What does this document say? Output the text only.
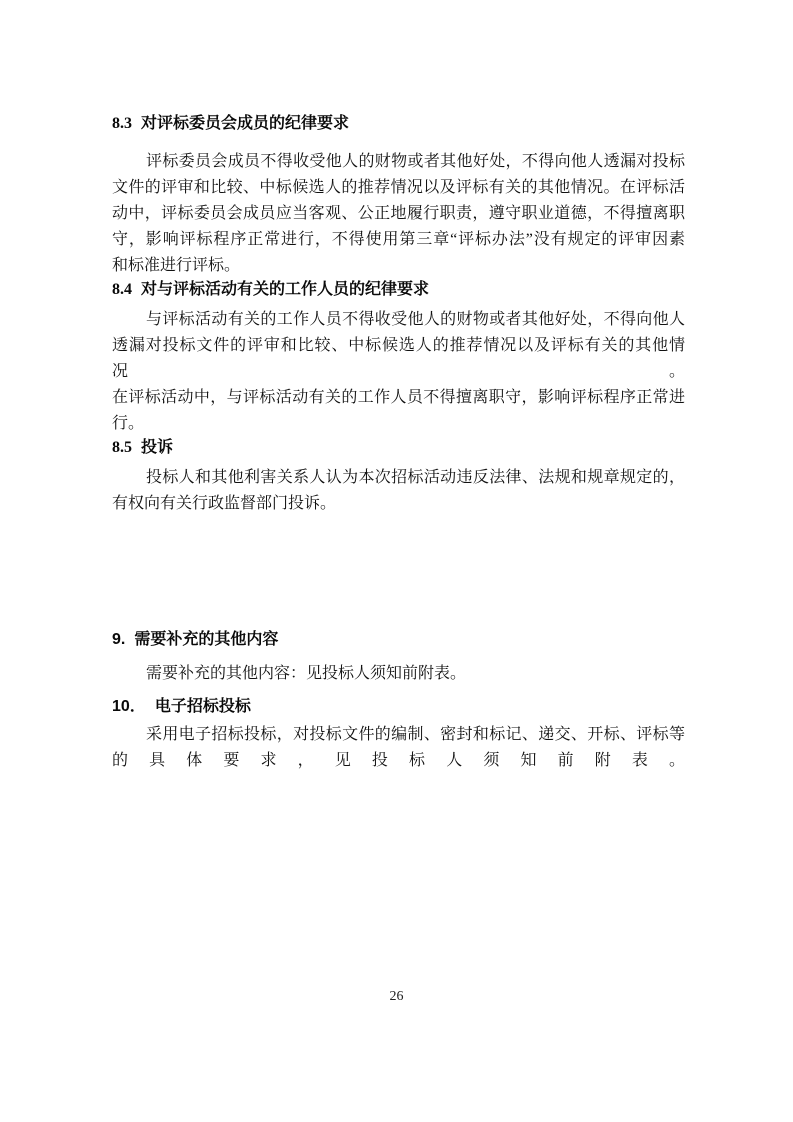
8.3 对评标委员会成员的纪律要求
评标委员会成员不得收受他人的财物或者其他好处，不得向他人透漏对投标
文件的评审和比较、中标候选人的推荐情况以及评标有关的其他情况。在评标活
动中，评标委员会成员应当客观、公正地履行职责，遵守职业道德，不得擅离职
守，影响评标程序正常进行，不得使用第三章“评标办法”没有规定的评审因素
和标准进行评标。
8.4 对与评标活动有关的工作人员的纪律要求
与评标活动有关的工作人员不得收受他人的财物或者其他好处，不得向他人
透漏对投标文件的评审和比较、中标候选人的推荐情况以及评标有关的其他情况。
在评标活动中，与评标活动有关的工作人员不得擅离职守，影响评标程序正常进
行。
8.5 投诉
投标人和其他利害关系人认为本次招标活动违反法律、法规和规章规定的，
有权向有关行政监督部门投诉。
9. 需要补充的其他内容
需要补充的其他内容：见投标人须知前附表。
10． 电子招标投标
采用电子招标投标，对投标文件的编制、密封和标记、递交、开标、评标等
的具体要求，见投标人须知前附表。
26
